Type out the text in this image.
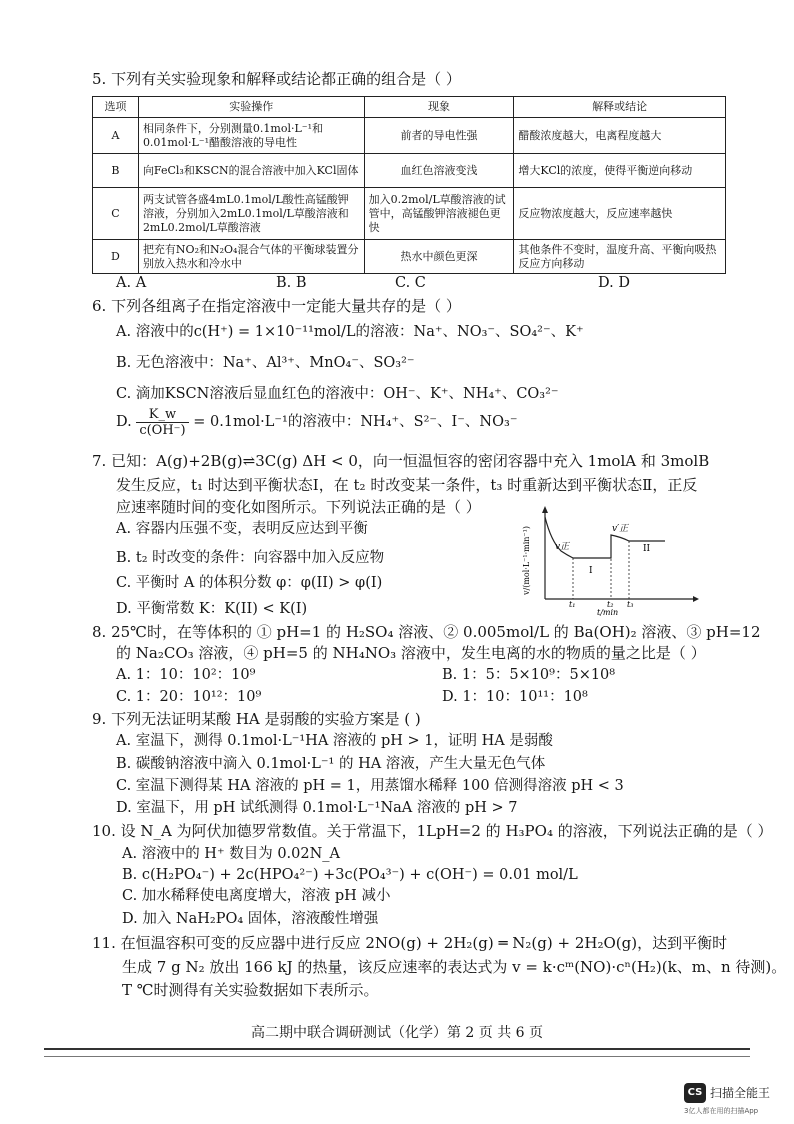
5. 下列有关实验现象和解释或结论都正确的组合是（ ）
选项	实验操作	现象	解释或结论
A	相同条件下，分别测量0.1mol·L⁻¹和0.01mol·L⁻¹醋酸溶液的导电性	前者的导电性强	醋酸浓度越大，电离程度越大
B	向FeCl₃和KSCN的混合溶液中加入KCl固体	血红色溶液变浅	增大KCl的浓度，使得平衡逆向移动
C	两支试管各盛4mL0.1mol/L酸性高锰酸钾溶液，分别加入2mL0.1mol/L草酸溶液和2mL0.2mol/L草酸溶液	加入0.2mol/L草酸溶液的试管中，高锰酸钾溶液褪色更快	反应物浓度越大，反应速率越快
D	把充有NO₂和N₂O₄混合气体的平衡球装置分别放入热水和冷水中	热水中颜色更深	其他条件不变时，温度升高、平衡向吸热反应方向移动
A. A	B. B	C. C	D. D
6. 下列各组离子在指定溶液中一定能大量共存的是（ ）
A. 溶液中的c(H⁺) = 1×10⁻¹¹mol/L的溶液：Na⁺、NO₃⁻、SO₄²⁻、K⁺
B. 无色溶液中：Na⁺、Al³⁺、MnO₄⁻、SO₃²⁻
C. 滴加KSCN溶液后显血红色的溶液中：OH⁻、K⁺、NH₄⁺、CO₃²⁻
D. $\frac{K\_w}{c(OH^-)} = 0.1mol\cdot L^{-1}$的溶液中：NH₄⁺、S²⁻、I⁻、NO₃⁻
7. 已知：A(g)+2B(g)⇌3C(g) ΔH < 0，向一恒温恒容的密闭容器中充入 1molA 和 3molB
发生反应，t₁ 时达到平衡状态Ⅰ，在 t₂ 时改变某一条件，t₃ 时重新达到平衡状态Ⅱ，正反
应速率随时间的变化如图所示。下列说法正确的是（ ）
A. 容器内压强不变，表明反应达到平衡
B. t₂ 时改变的条件：向容器中加入反应物
C. 平衡时 A 的体积分数 φ：φ(II) > φ(I)
D. 平衡常数 K：K(II) < K(I)
v/(mol·L⁻¹·min⁻¹)
t/min
v正
v′正
I
II
t₁	t₂ t₃
8. 25℃时，在等体积的 ① pH=1 的 H₂SO₄ 溶液、② 0.005mol/L 的 Ba(OH)₂ 溶液、③ pH=12
的 Na₂CO₃ 溶液，④ pH=5 的 NH₄NO₃ 溶液中，发生电离的水的物质的量之比是（ ）
A. 1：10：10²：10⁹	B. 1：5：5×10⁹：5×10⁸
C. 1：20：10¹²：10⁹	D. 1：10：10¹¹：10⁸
9. 下列无法证明某酸 HA 是弱酸的实验方案是 ( )
A. 室温下，测得 0.1mol·L⁻¹HA 溶液的 pH > 1，证明 HA 是弱酸
B. 碳酸钠溶液中滴入 0.1mol·L⁻¹ 的 HA 溶液，产生大量无色气体
C. 室温下测得某 HA 溶液的 pH = 1，用蒸馏水稀释 100 倍测得溶液 pH < 3
D. 室温下，用 pH 试纸测得 0.1mol·L⁻¹NaA 溶液的 pH > 7
10. 设 N_A 为阿伏加德罗常数值。关于常温下，1LpH=2 的 H₃PO₄ 的溶液，下列说法正确的是（ ）
A. 溶液中的 H⁺ 数目为 0.02N_A
B. c(H₂PO₄⁻) + 2c(HPO₄²⁻) +3c(PO₄³⁻) + c(OH⁻) = 0.01 mol/L
C. 加水稀释使电离度增大，溶液 pH 减小
D. 加入 NaH₂PO₄ 固体，溶液酸性增强
11. 在恒温容积可变的反应器中进行反应 2NO(g) + 2H₂(g) ═ N₂(g) + 2H₂O(g)，达到平衡时
生成 7 g N₂ 放出 166 kJ 的热量，该反应速率的表达式为 v = k·cᵐ(NO)·cⁿ(H₂)(k、m、n 待测)。
T ℃时测得有关实验数据如下表所示。
高二期中联合调研测试（化学）第 2 页 共 6 页
CS 扫描全能王
3亿人都在用的扫描App
